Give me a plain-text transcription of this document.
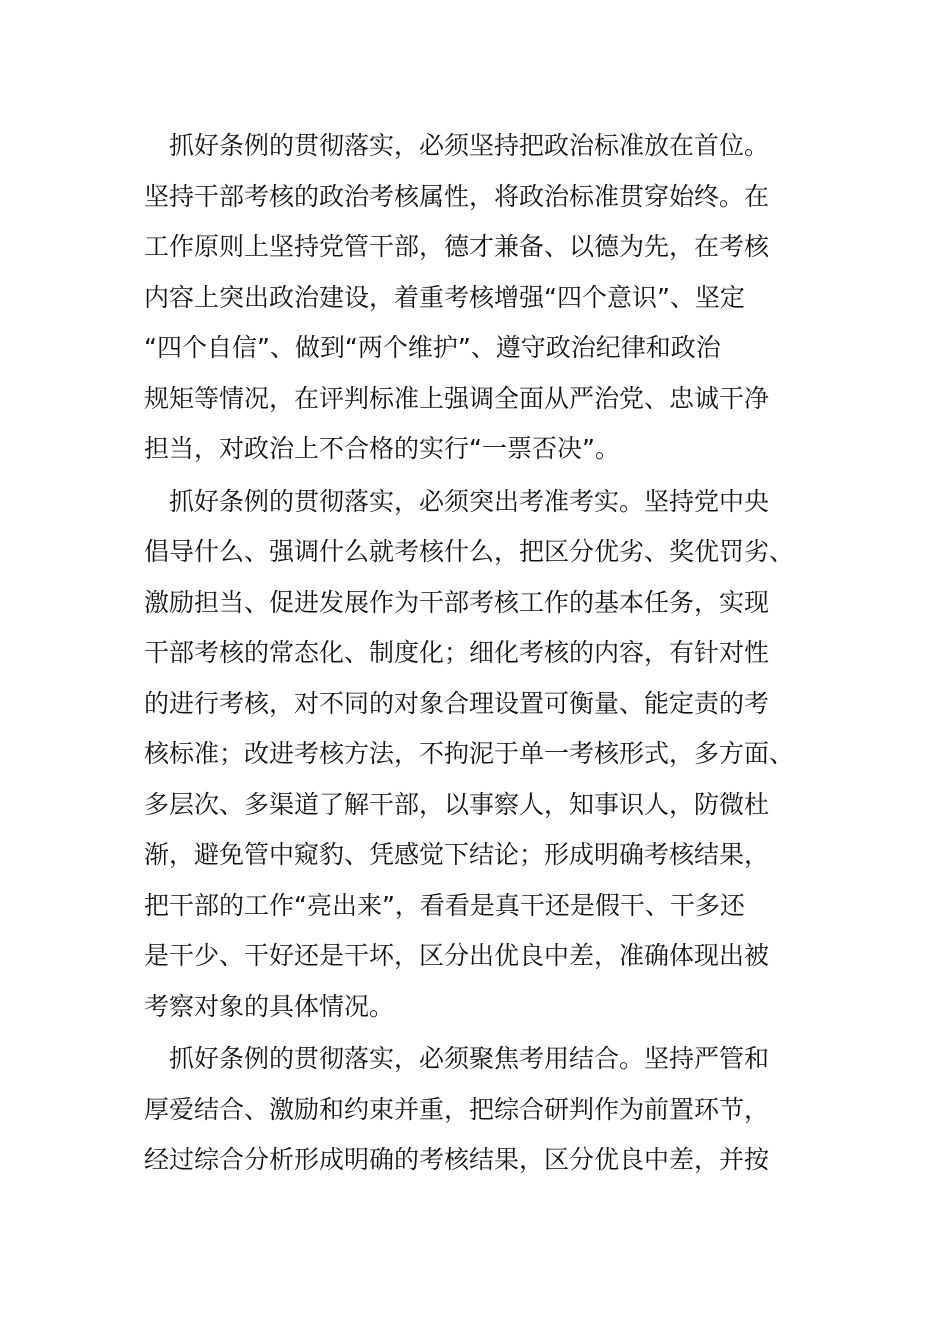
　抓好条例的贯彻落实，必须坚持把政治标准放在首位。
坚持干部考核的政治考核属性，将政治标准贯穿始终。在
工作原则上坚持党管干部，德才兼备、以德为先，在考核
内容上突出政治建设，着重考核增强“四个意识”、坚定
“四个自信”、做到“两个维护”、遵守政治纪律和政治
规矩等情况，在评判标准上强调全面从严治党、忠诚干净
担当，对政治上不合格的实行“一票否决”。
　抓好条例的贯彻落实，必须突出考准考实。坚持党中央
倡导什么、强调什么就考核什么，把区分优劣、奖优罚劣、
激励担当、促进发展作为干部考核工作的基本任务，实现
干部考核的常态化、制度化；细化考核的内容，有针对性
的进行考核，对不同的对象合理设置可衡量、能定责的考
核标准；改进考核方法，不拘泥于单一考核形式，多方面、
多层次、多渠道了解干部，以事察人，知事识人，防微杜
渐，避免管中窥豹、凭感觉下结论；形成明确考核结果，
把干部的工作“亮出来”，看看是真干还是假干、干多还
是干少、干好还是干坏，区分出优良中差，准确体现出被
考察对象的具体情况。
　抓好条例的贯彻落实，必须聚焦考用结合。坚持严管和
厚爱结合、激励和约束并重，把综合研判作为前置环节，
经过综合分析形成明确的考核结果，区分优良中差，并按
